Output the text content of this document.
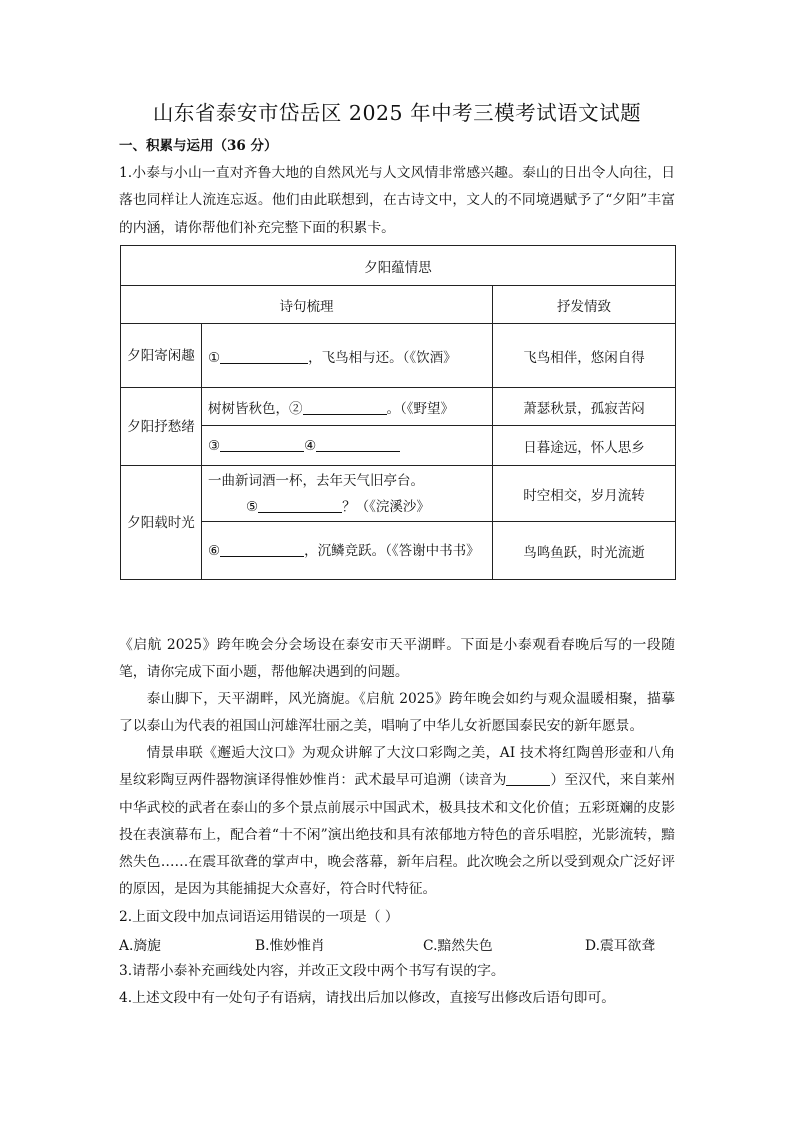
山东省泰安市岱岳区 2025 年中考三模考试语文试题
一、积累与运用（36 分）
1.小泰与小山一直对齐鲁大地的自然风光与人文风情非常感兴趣。泰山的日出令人向往，日落也同样让人流连忘返。他们由此联想到，在古诗文中，文人的不同境遇赋予了“夕阳”丰富的内涵，请你帮他们补充完整下面的积累卡。
夕阳蕴情思		
诗句梳理		抒发情致
夕阳寄闲趣	① ，飞鸟相与还。（《饮酒》	飞鸟相伴，悠闲自得
夕阳抒愁绪	树树皆秋色，② 。（《野望》	萧瑟秋景，孤寂苦闷
	③ ④	日暮途远，怀人思乡
夕阳载时光	一曲新词酒一杯，去年天气旧亭台。
⑤ ？（《浣溪沙》	时空相交，岁月流转
	⑥ ，沉鳞竞跃。（《答谢中书书》	鸟鸣鱼跃，时光流逝
《启航 2025》跨年晚会分会场设在泰安市天平湖畔。下面是小泰观看春晚后写的一段随笔，请你完成下面小题，帮他解决遇到的问题。
泰山脚下，天平湖畔，风光旖旎。《启航 2025》跨年晚会如约与观众温暖相聚，描摹了以泰山为代表的祖国山河雄浑壮丽之美，唱响了中华儿女祈愿国泰民安的新年愿景。
情景串联《邂逅大汶口》为观众讲解了大汶口彩陶之美，AI 技术将红陶兽形壶和八角星纹彩陶豆两件器物演译得惟妙惟肖：武术最早可追溯（读音为	）至汉代，来自莱州中华武校的武者在泰山的多个景点前展示中国武术，极具技术和文化价值；五彩斑斓的皮影投在表演幕布上，配合着“十不闲”演出绝技和具有浓郁地方特色的音乐唱腔，光影流转，黯然失色……在震耳欲聋的掌声中，晚会落幕，新年启程。此次晚会之所以受到观众广泛好评的原因，是因为其能捕捉大众喜好，符合时代特征。
2.上面文段中加点词语运用错误的一项是（ ）
A.旖旎	B.惟妙惟肖	C.黯然失色	D.震耳欲聋
3.请帮小泰补充画线处内容，并改正文段中两个书写有误的字。
4.上述文段中有一处句子有语病，请找出后加以修改，直接写出修改后语句即可。
